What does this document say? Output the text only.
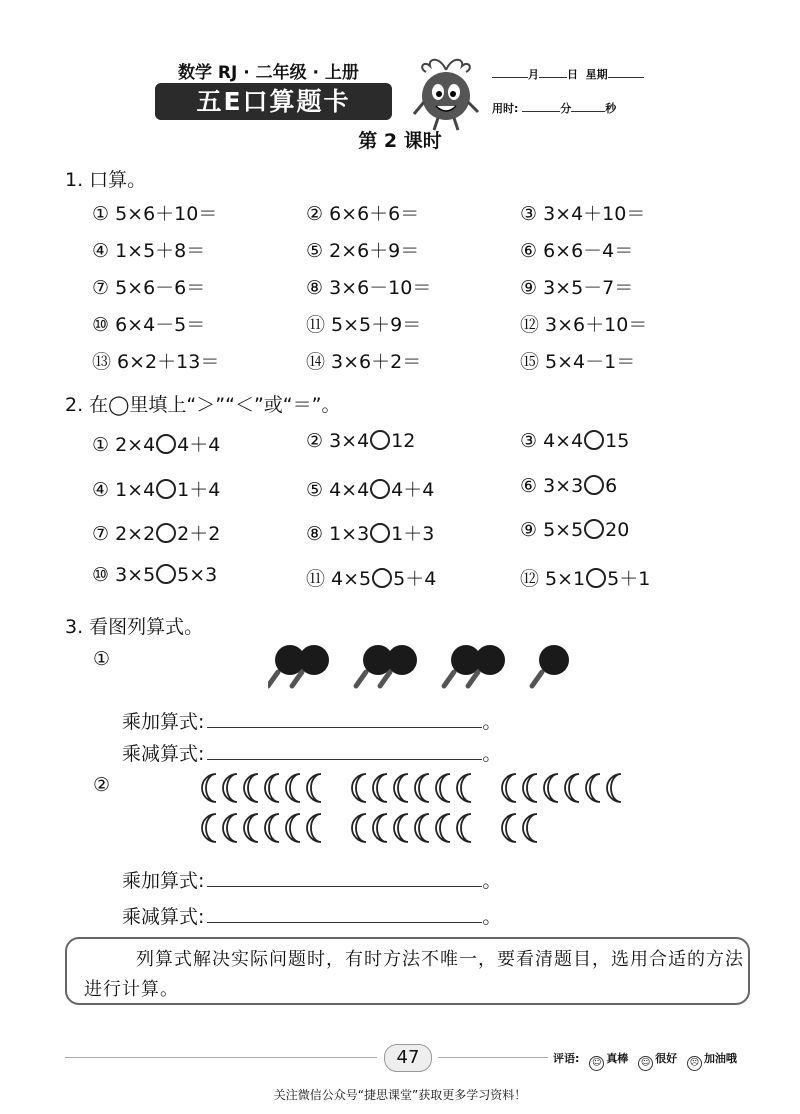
数学 RJ · 二年级 · 上册
五E口算题卡
月	日 星期
用时:	分	秒
第 2 课时
1. 口算。
① 5×6＋10＝	② 6×6＋6＝	③ 3×4＋10＝
④ 1×5＋8＝	⑤ 2×6＋9＝	⑥ 6×6－4＝
⑦ 5×6－6＝	⑧ 3×6－10＝	⑨ 3×5－7＝
⑩ 6×4－5＝	⑪ 5×5＋9＝	⑫ 3×6＋10＝
⑬ 6×2＋13＝	⑭ 3×6＋2＝	⑮ 5×4－1＝
2. 在◯里填上“＞”“＜”或“＝”。
① 2×4 4＋4	② 3×4 12	③ 4×4 15
④ 1×4 1＋4	⑤ 4×4 4＋4	⑥ 3×3 6
⑦ 2×2 2＋2	⑧ 1×3 1＋3	⑨ 5×5 20
⑩ 3×5 5×3	⑪ 4×5 5＋4	⑫ 5×1 5＋1
3. 看图列算式。
①
乘加算式:	。
乘减算式:	。
②
乘加算式:	。
乘减算式:	。
列算式解决实际问题时，有时方法不唯一，要看清题目，选用合适的方法进行计算。
47	评语: ☺ 真棒 ☺ 很好 ☹ 加油哦
关注微信公众号“捷思课堂”获取更多学习资料！
